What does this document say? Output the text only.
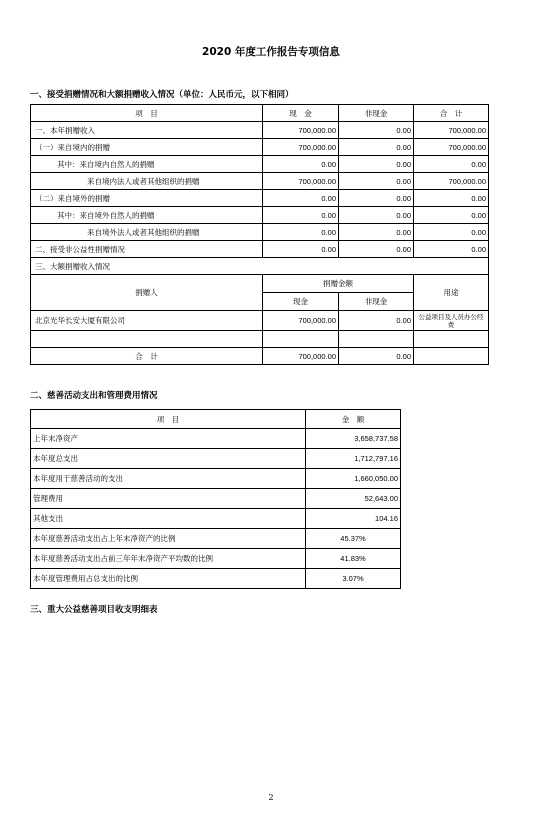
2020 年度工作报告专项信息
一、接受捐赠情况和大额捐赠收入情况（单位：人民币元，以下相同）
项　目	现　金	非现金	合　计
一、本年捐赠收入	700,000.00	0.00	700,000.00
（一）来自境内的捐赠	700,000.00	0.00	700,000.00
其中：来自境内自然人的捐赠	0.00	0.00	0.00
来自境内法人或者其他组织的捐赠	700,000.00	0.00	700,000.00
（二）来自境外的捐赠	0.00	0.00	0.00
其中：来自境外自然人的捐赠	0.00	0.00	0.00
来自境外法人或者其他组织的捐赠	0.00	0.00	0.00
二、接受非公益性捐赠情况	0.00	0.00	0.00
三、大额捐赠收入情况			
捐赠人	捐赠金额		用途
	现金	非现金	
北京光华长安大厦有限公司	700,000.00	0.00	公益项目及人员办公经费

合　计	700,000.00	0.00	
二、慈善活动支出和管理费用情况
项　目	金　额
上年末净资产	3,658,737.58
本年度总支出	1,712,797.16
本年度用于慈善活动的支出	1,660,050.00
管理费用	52,643.00
其他支出	104.16
本年度慈善活动支出占上年末净资产的比例	45.37%
本年度慈善活动支出占前三年年末净资产平均数的比例	41.83%
本年度管理费用占总支出的比例	3.07%
三、重大公益慈善项目收支明细表
2
